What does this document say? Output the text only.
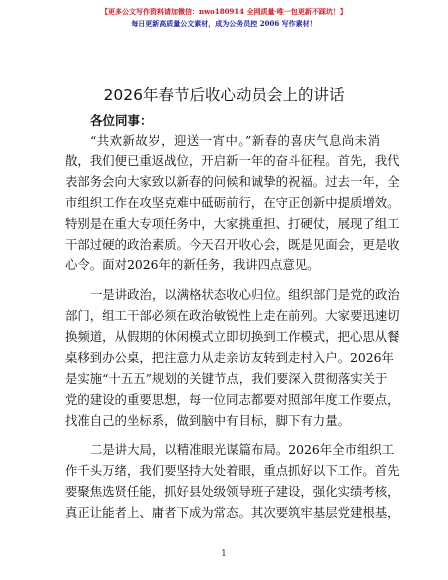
【更多公文写作资料请加微信：nwo180914 全网质量·唯一包更新不踩坑！】
每日更新高质量公文素材，成为公务员控 2006 写作素材！
2026年春节后收心动员会上的讲话
各位同事：
“共欢新故岁，迎送一宵中。”新春的喜庆气息尚未消
散，我们便已重返战位，开启新一年的奋斗征程。首先，我代
表部务会向大家致以新春的问候和诚挚的祝福。过去一年，全
市组织工作在攻坚克难中砥砺前行，在守正创新中提质增效。
特别是在重大专项任务中，大家挑重担、打硬仗，展现了组工
干部过硬的政治素质。今天召开收心会，既是见面会，更是收
心令。面对2026年的新任务，我讲四点意见。
一是讲政治，以满格状态收心归位。组织部门是党的政治
部门，组工干部必须在政治敏锐性上走在前列。大家要迅速切
换频道，从假期的休闲模式立即切换到工作模式，把心思从餐
桌移到办公桌，把注意力从走亲访友转到走村入户。2026年
是实施“十五五”规划的关键节点，我们要深入贯彻落实关于
党的建设的重要思想，每一位同志都要对照部年度工作要点，
找准自己的坐标系，做到脑中有目标，脚下有力量。
二是讲大局，以精准眼光谋篇布局。2026年全市组织工
作千头万绪，我们要坚持大处着眼，重点抓好以下工作。首先
要聚焦选贤任能，抓好县处级领导班子建设，强化实绩考核，
真正让能者上、庸者下成为常态。其次要筑牢基层党建根基，
1
